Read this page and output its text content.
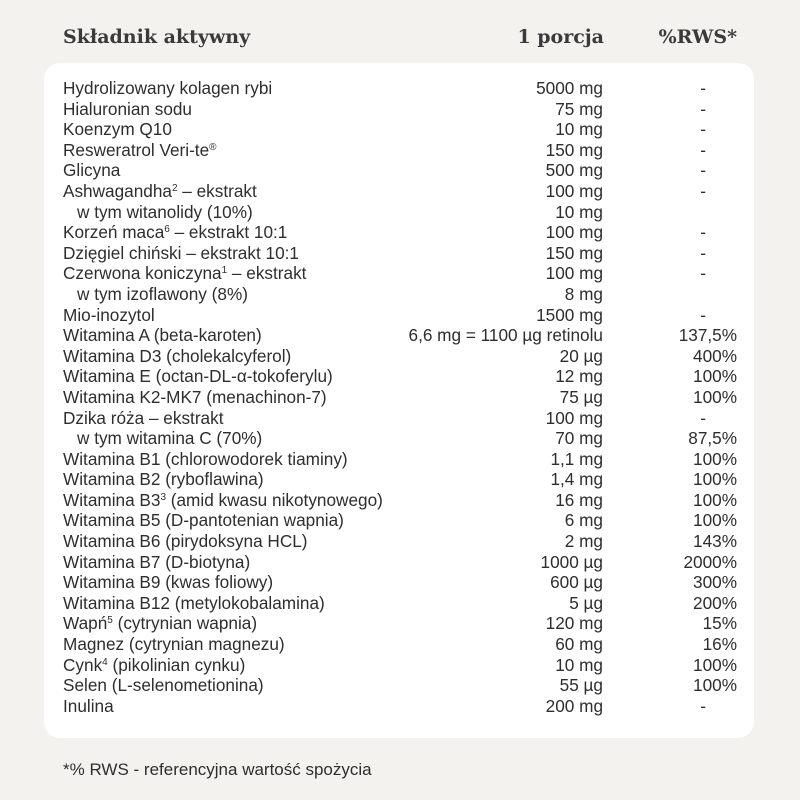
Składnik aktywny	1 porcja	%RWS*
Hydrolizowany kolagen rybi	5000 mg	-
Hialuronian sodu	75 mg	-
Koenzym Q10	10 mg	-
Resweratrol Veri-te®	150 mg	-
Glicyna	500 mg	-
Ashwagandha$^2$ – ekstrakt	100 mg	-
w tym witanolidy (10%)	10 mg
Korzeń maca$^6$ – ekstrakt 10:1	100 mg	-
Dzięgiel chiński – ekstrakt 10:1	150 mg	-
Czerwona koniczyna$^1$ – ekstrakt	100 mg	-
w tym izoflawony (8%)	8 mg
Mio-inozytol	1500 mg	-
Witamina A (beta-karoten)	6,6 mg = 1100 µg retinolu	137,5%
Witamina D3 (cholekalcyferol)	20 µg	400%
Witamina E (octan-DL-α-tokoferylu)	12 mg	100%
Witamina K2-MK7 (menachinon-7)	75 µg	100%
Dzika róża – ekstrakt	100 mg	-
w tym witamina C (70%)	70 mg	87,5%
Witamina B1 (chlorowodorek tiaminy)	1,1 mg	100%
Witamina B2 (ryboflawina)	1,4 mg	100%
Witamina $B3^3$ (amid kwasu nikotynowego)	16 mg	100%
Witamina B5 (D-pantotenian wapnia)	6 mg	100%
Witamina B6 (pirydoksyna HCL)	2 mg	143%
Witamina B7 (D-biotyna)	1000 µg	2000%
Witamina B9 (kwas foliowy)	600 µg	300%
Witamina B12 (metylokobalamina)	5 µg	200%
Wapń$^5$ (cytrynian wapnia)	120 mg	15%
Magnez (cytrynian magnezu)	60 mg	16%
Cynk$^4$ (pikolinian cynku)	10 mg	100%
Selen (L-selenometionina)	55 µg	100%
Inulina	200 mg	-
*% RWS - referencyjna wartość spożycia
